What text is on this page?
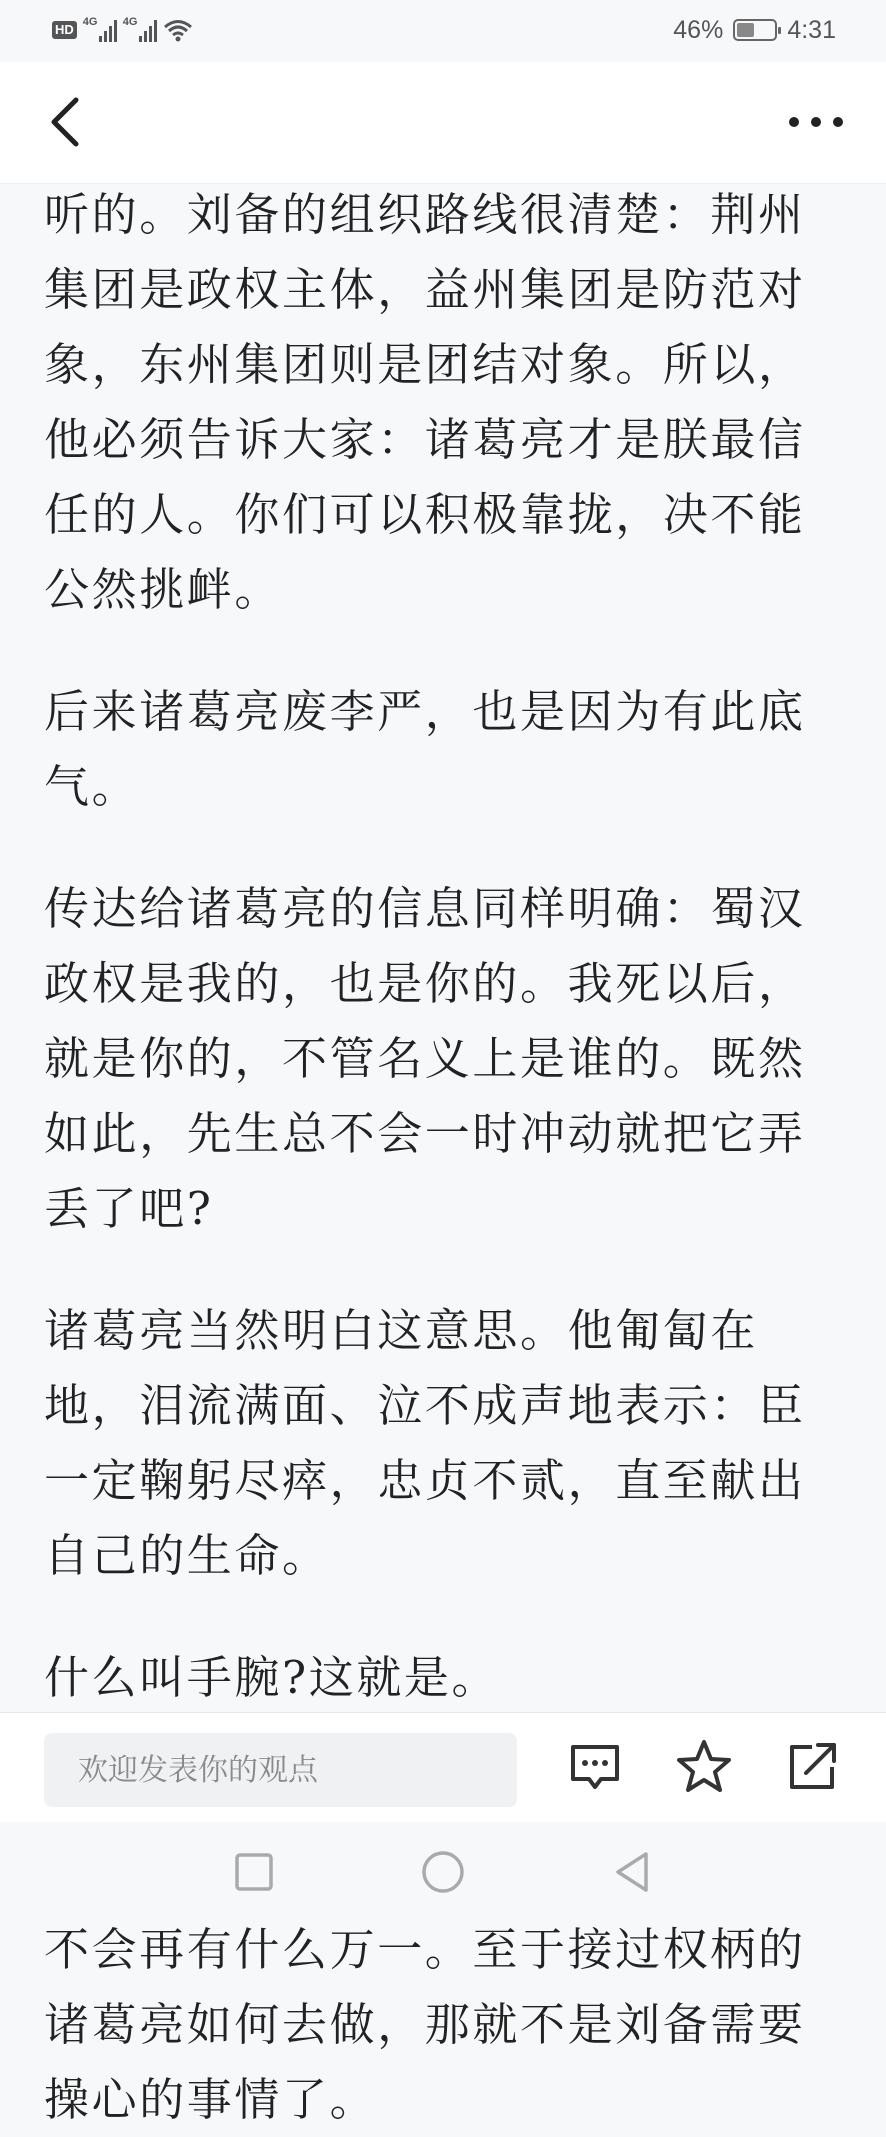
HD 4G 4G	46%	4:31

听的。刘备的组织路线很清楚：荆州集团是政权主体，益州集团是防范对象，东州集团则是团结对象。所以，他必须告诉大家：诸葛亮才是朕最信任的人。你们可以积极靠拢，决不能公然挑衅。

后来诸葛亮废李严，也是因为有此底气。

传达给诸葛亮的信息同样明确：蜀汉政权是我的，也是你的。我死以后，就是你的，不管名义上是谁的。既然如此，先生总不会一时冲动就把它弄丢了吧?

诸葛亮当然明白这意思。他匍匐在地，泪流满面、泣不成声地表示：臣一定鞠躬尽瘁，忠贞不贰，直至献出自己的生命。

什么叫手腕?这就是。

不会再有什么万一。至于接过权柄的诸葛亮如何去做，那就不是刘备需要操心的事情了。

欢迎发表你的观点
